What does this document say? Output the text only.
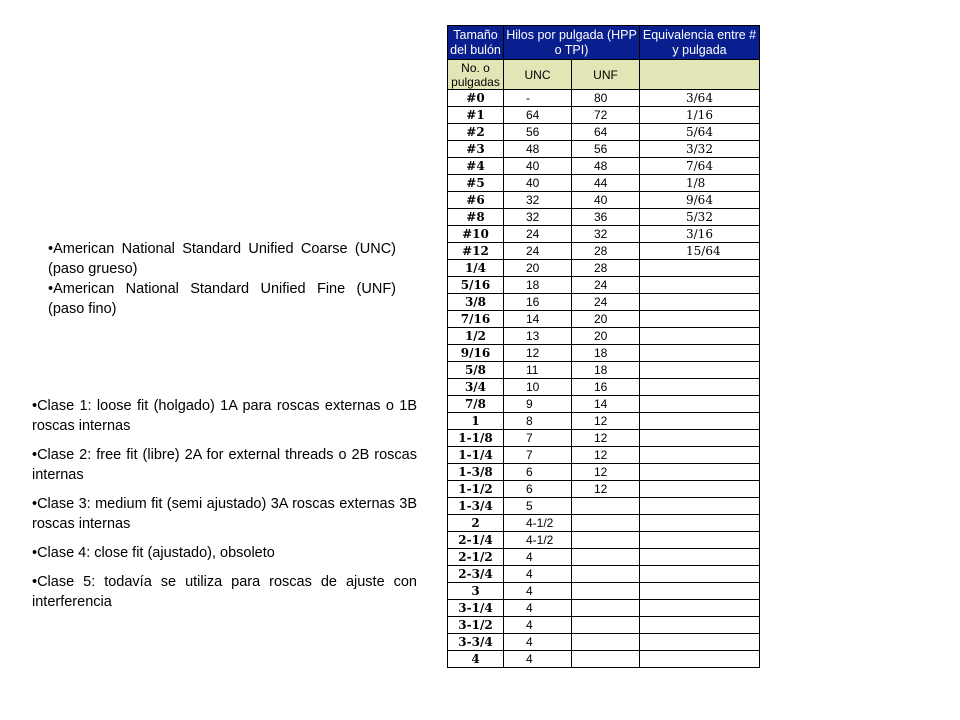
•American National Standard Unified Coarse (UNC) (paso grueso)

•American National Standard Unified Fine (UNF) (paso fino)

•Clase 1: loose fit (holgado) 1A para roscas externas o 1B roscas internas

•Clase 2: free fit (libre) 2A for external threads o 2B roscas internas

•Clase 3: medium fit (semi ajustado) 3A roscas externas 3B roscas internas

•Clase 4: close fit (ajustado), obsoleto

•Clase 5: todavía se utiliza para roscas de ajuste con interferencia

Tamaño del bulón	Hilos por pulgada (HPP o TPI)		Equivalencia entre # y pulgada
No. o pulgadas	UNC	UNF	
#0	-	80	3/64
#1	64	72	1/16
#2	56	64	5/64
#3	48	56	3/32
#4	40	48	7/64
#5	40	44	1/8
#6	32	40	9/64
#8	32	36	5/32
#10	24	32	3/16
#12	24	28	15/64
1/4	20	28	
5/16	18	24	
3/8	16	24	
7/16	14	20	
1/2	13	20	
9/16	12	18	
5/8	11	18	
3/4	10	16	
7/8	9	14	
1	8	12	
1-1/8	7	12	
1-1/4	7	12	
1-3/8	6	12	
1-1/2	6	12	
1-3/4	5		
2	4-1/2		
2-1/4	4-1/2		
2-1/2	4		
2-3/4	4		
3	4		
3-1/4	4		
3-1/2	4		
3-3/4	4		
4	4		
